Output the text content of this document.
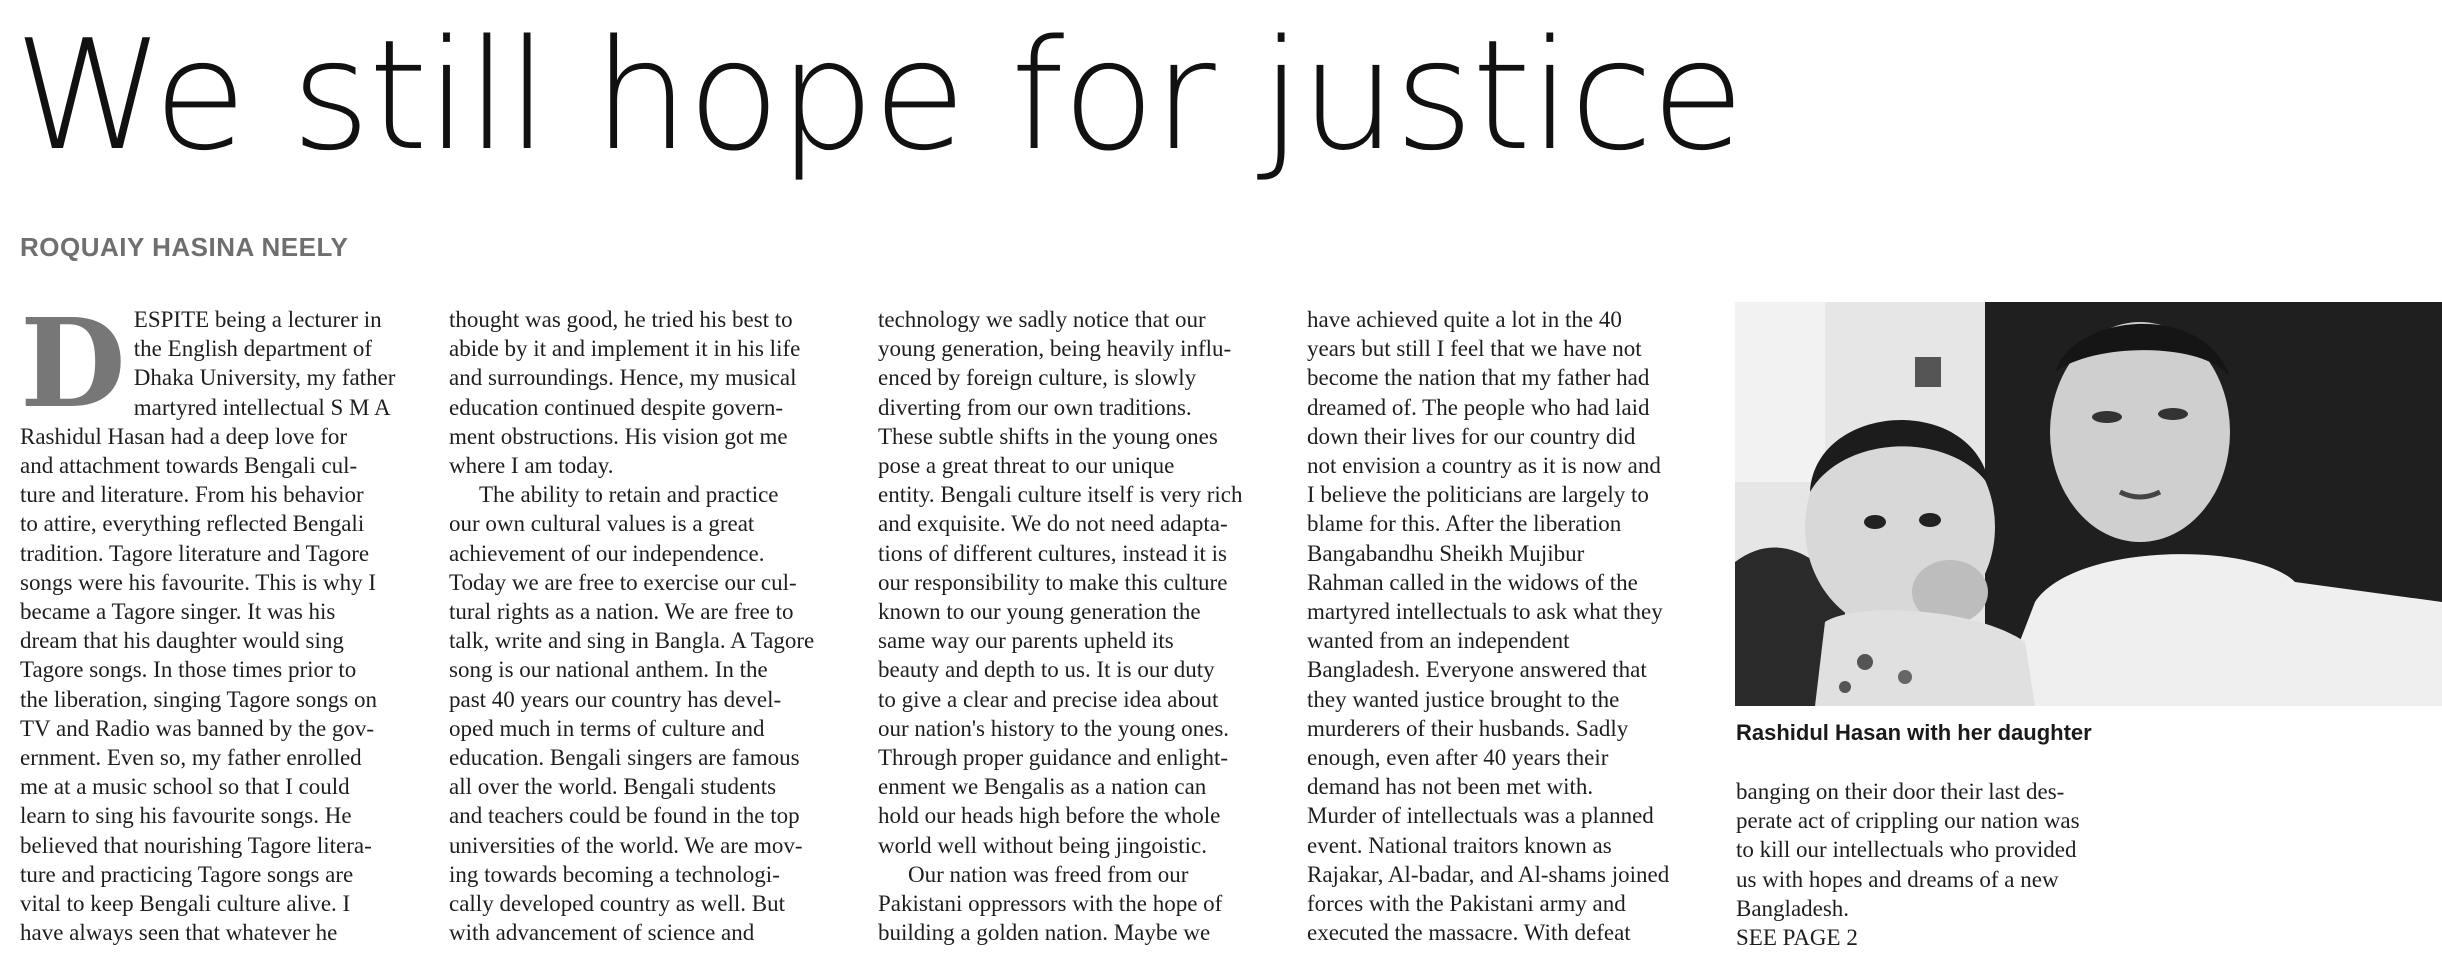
We still hope for justice
ROQUAIY HASINA NEELY
D ESPITE being a lecturer in
the English department of
Dhaka University, my father
martyred intellectual S M A
Rashidul Hasan had a deep love for
and attachment towards Bengali cul-
ture and literature. From his behavior
to attire, everything reflected Bengali
tradition. Tagore literature and Tagore
songs were his favourite. This is why I
became a Tagore singer. It was his
dream that his daughter would sing
Tagore songs. In those times prior to
the liberation, singing Tagore songs on
TV and Radio was banned by the gov-
ernment. Even so, my father enrolled
me at a music school so that I could
learn to sing his favourite songs. He
believed that nourishing Tagore litera-
ture and practicing Tagore songs are
vital to keep Bengali culture alive. I
have always seen that whatever he

thought was good, he tried his best to
abide by it and implement it in his life
and surroundings. Hence, my musical
education continued despite govern-
ment obstructions. His vision got me
where I am today.

The ability to retain and practice
our own cultural values is a great
achievement of our independence.
Today we are free to exercise our cul-
tural rights as a nation. We are free to
talk, write and sing in Bangla. A Tagore
song is our national anthem. In the
past 40 years our country has devel-
oped much in terms of culture and
education. Bengali singers are famous
all over the world. Bengali students
and teachers could be found in the top
universities of the world. We are mov-
ing towards becoming a technologi-
cally developed country as well. But
with advancement of science and

technology we sadly notice that our
young generation, being heavily influ-
enced by foreign culture, is slowly
diverting from our own traditions.
These subtle shifts in the young ones
pose a great threat to our unique
entity. Bengali culture itself is very rich
and exquisite. We do not need adapta-
tions of different cultures, instead it is
our responsibility to make this culture
known to our young generation the
same way our parents upheld its
beauty and depth to us. It is our duty
to give a clear and precise idea about
our nation's history to the young ones.
Through proper guidance and enlight-
enment we Bengalis as a nation can
hold our heads high before the whole
world well without being jingoistic.

Our nation was freed from our
Pakistani oppressors with the hope of
building a golden nation. Maybe we

have achieved quite a lot in the 40
years but still I feel that we have not
become the nation that my father had
dreamed of. The people who had laid
down their lives for our country did
not envision a country as it is now and
I believe the politicians are largely to
blame for this. After the liberation
Bangabandhu Sheikh Mujibur
Rahman called in the widows of the
martyred intellectuals to ask what they
wanted from an independent
Bangladesh. Everyone answered that
they wanted justice brought to the
murderers of their husbands. Sadly
enough, even after 40 years their
demand has not been met with.
Murder of intellectuals was a planned
event. National traitors known as
Rajakar, Al-badar, and Al-shams joined
forces with the Pakistani army and
executed the massacre. With defeat
Rashidul Hasan with her daughter
banging on their door their last des-
perate act of crippling our nation was
to kill our intellectuals who provided
us with hopes and dreams of a new
Bangladesh.
SEE PAGE 2
